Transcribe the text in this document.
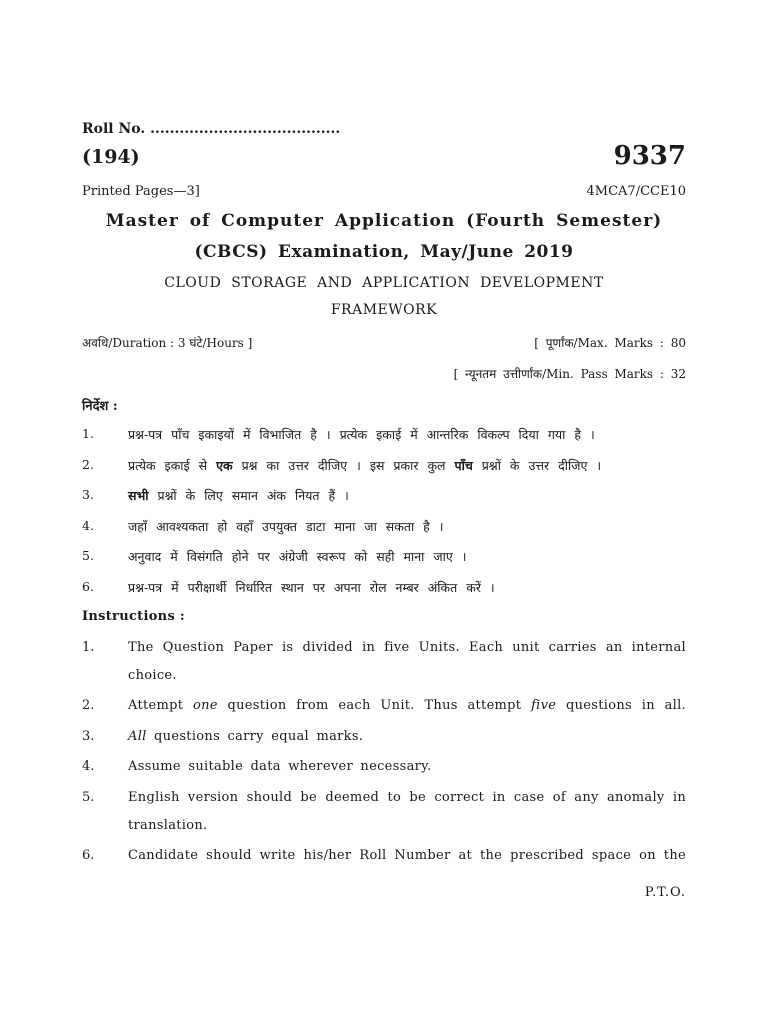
Roll No. .......................................
(194)	9337
Printed Pages—3]	4MCA7/CCE10
Master of Computer Application (Fourth Semester)
(CBCS) Examination, May/June 2019
CLOUD STORAGE AND APPLICATION DEVELOPMENT
FRAMEWORK
अवधि/Duration : 3 घंटे/Hours ]	[ पूर्णांक/Max. Marks : 80
[ न्यूनतम उत्तीर्णांक/Min. Pass Marks : 32
निर्देश :
1.	प्रश्न-पत्र पाँच इकाइयों में विभाजित है । प्रत्येक इकाई में आन्तरिक विकल्प दिया गया है ।
2.	प्रत्येक इकाई से एक प्रश्न का उत्तर दीजिए । इस प्रकार कुल पाँच प्रश्नों के उत्तर दीजिए ।
3.	सभी प्रश्नों के लिए समान अंक नियत हैं ।
4.	जहाँ आवश्यकता हो वहाँ उपयुक्त डाटा माना जा सकता है ।
5.	अनुवाद में विसंगति होने पर अंग्रेजी स्वरूप को सही माना जाए ।
6.	प्रश्न-पत्र में परीक्षार्थी निर्धारित स्थान पर अपना रोल नम्बर अंकित करें ।
Instructions :
1.	The Question Paper is divided in five Units. Each unit carries an internal
choice.
2.	Attempt one question from each Unit. Thus attempt five questions in all.
3.	All questions carry equal marks.
4.	Assume suitable data wherever necessary.
5.	English version should be deemed to be correct in case of any anomaly in
translation.
6.	Candidate should write his/her Roll Number at the prescribed space on the
P.T.O.
